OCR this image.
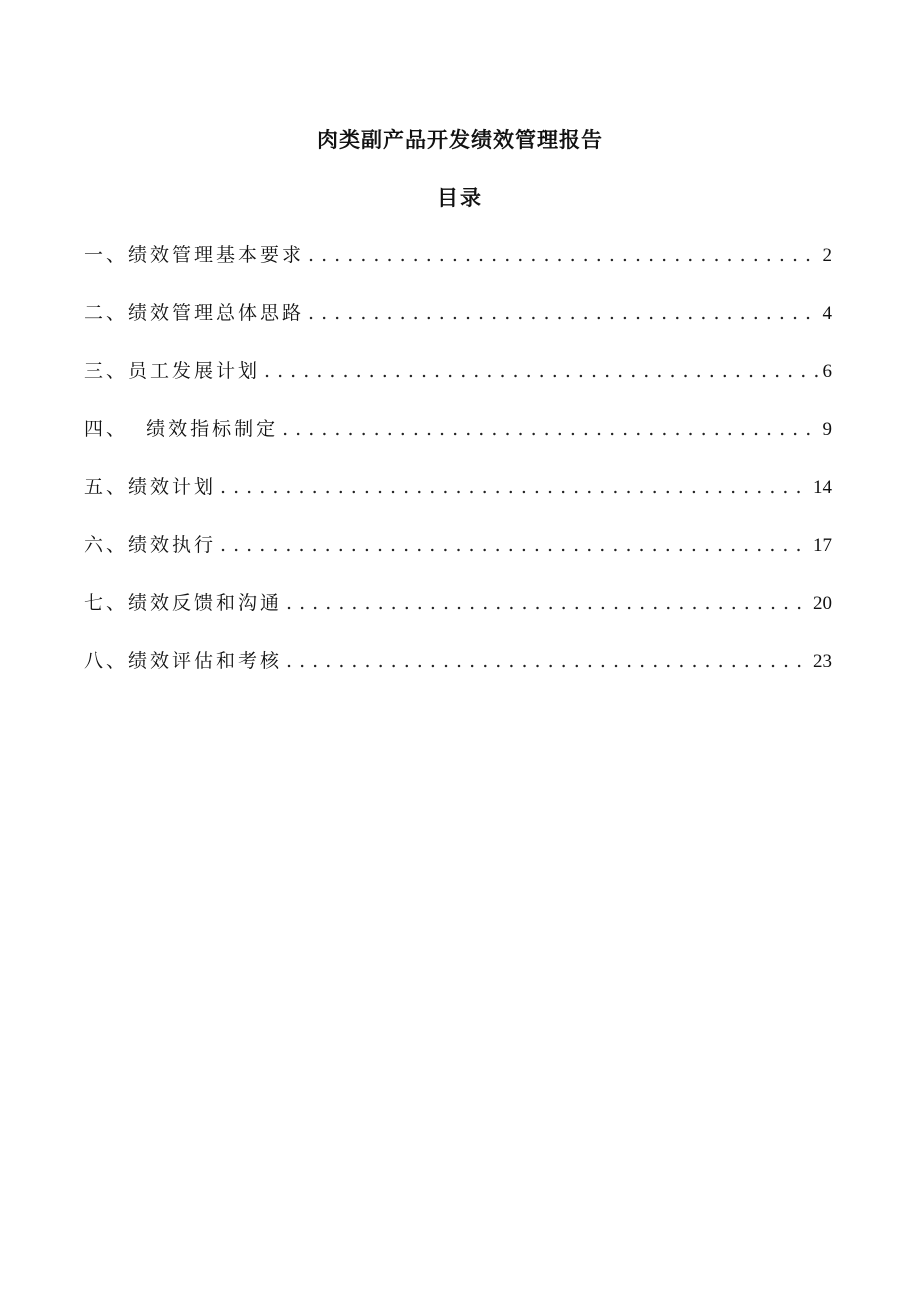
肉类副产品开发绩效管理报告
目录
一、绩效管理基本要求 . . .	2
二、绩效管理总体思路 . . .	4
三、员工发展计划 . . .	6
四、  绩效指标制定 . . .	9
五、绩效计划 . . .	14
六、绩效执行 . . .	17
七、绩效反馈和沟通 . . .	20
八、绩效评估和考核 . . .	23
